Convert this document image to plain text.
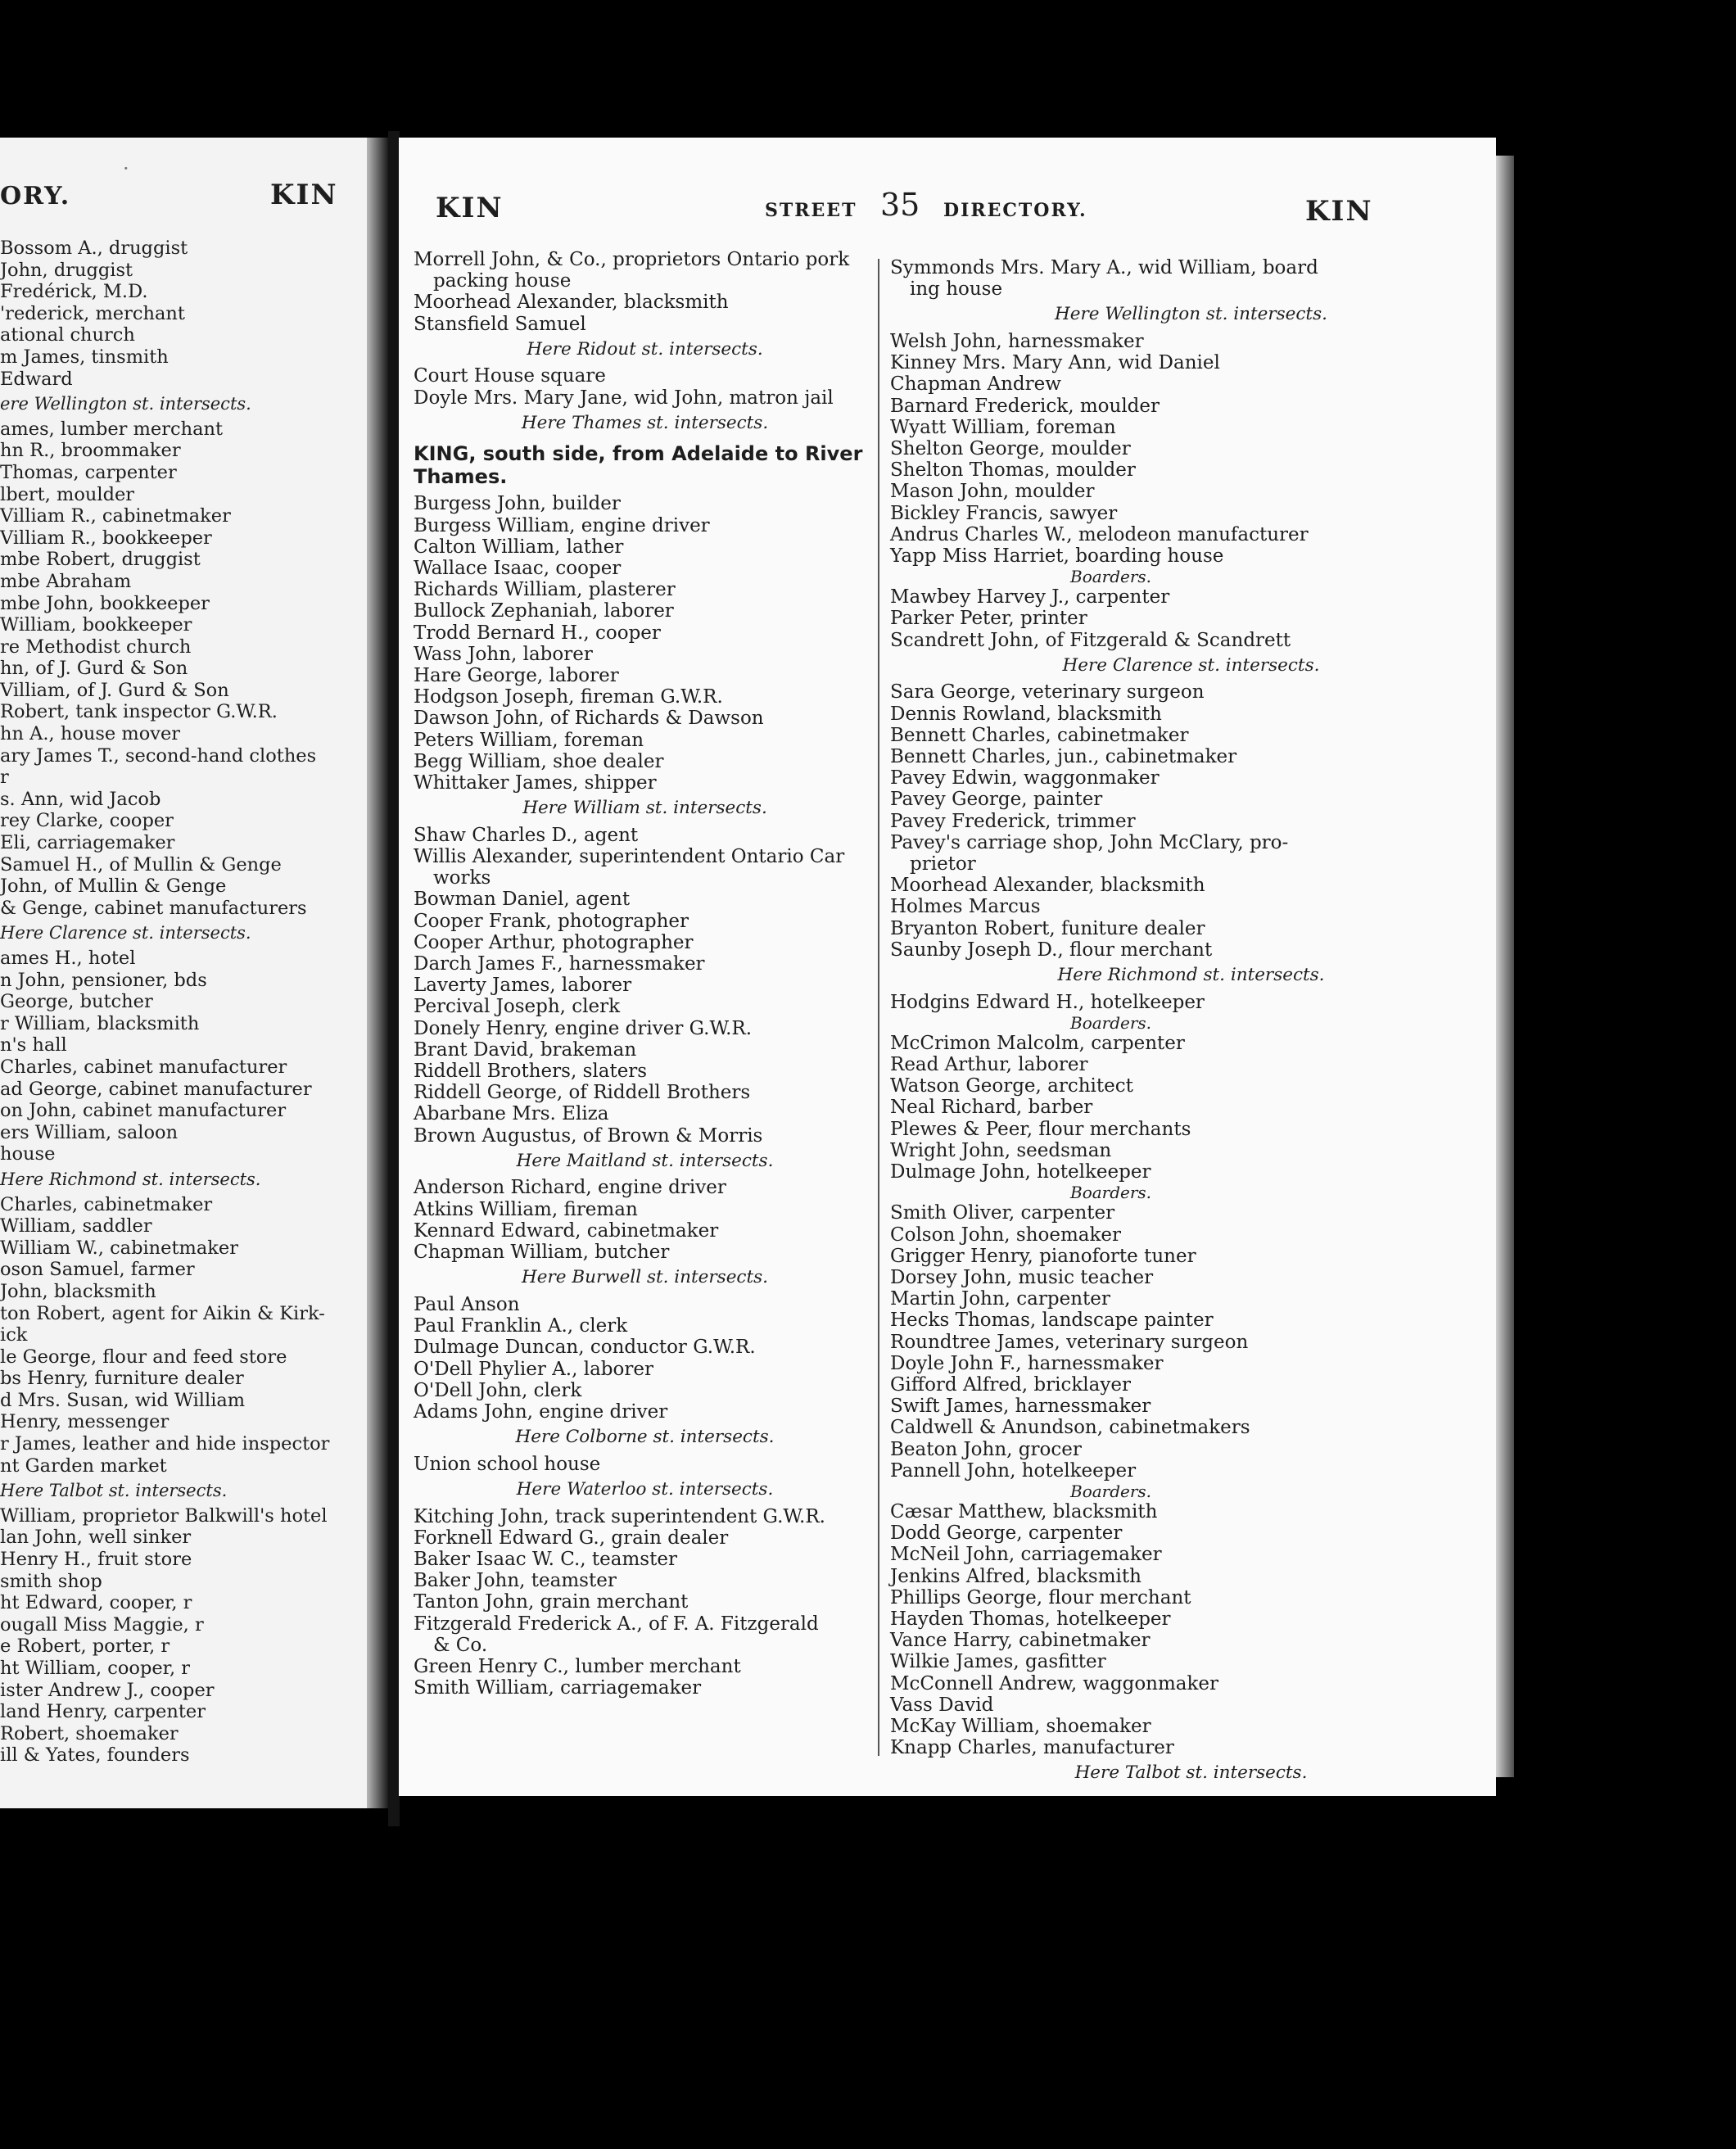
·
ORY.	KIN
Bossom A., druggist
John, druggist
Fredérick, M.D.
'rederick, merchant
ational church
m James, tinsmith
Edward
ere Wellington st. intersects.
ames, lumber merchant
hn R., broommaker
Thomas, carpenter
lbert, moulder
Villiam R., cabinetmaker
Villiam R., bookkeeper
mbe Robert, druggist
mbe Abraham
mbe John, bookkeeper
William, bookkeeper
re Methodist church
hn, of J. Gurd & Son
Villiam, of J. Gurd & Son
Robert, tank inspector G.W.R.
hn A., house mover
ary James T., second-hand clothes
r
s. Ann, wid Jacob
rey Clarke, cooper
Eli, carriagemaker
Samuel H., of Mullin & Genge
John, of Mullin & Genge
& Genge, cabinet manufacturers
Here Clarence st. intersects.
ames H., hotel
n John, pensioner, bds
George, butcher
r William, blacksmith
n's hall
Charles, cabinet manufacturer
ad George, cabinet manufacturer
on John, cabinet manufacturer
ers William, saloon
house
Here Richmond st. intersects.
Charles, cabinetmaker
William, saddler
William W., cabinetmaker
oson Samuel, farmer
John, blacksmith
ton Robert, agent for Aikin & Kirk-
ick
le George, flour and feed store
bs Henry, furniture dealer
d Mrs. Susan, wid William
Henry, messenger
r James, leather and hide inspector
nt Garden market
Here Talbot st. intersects.
William, proprietor Balkwill's hotel
lan John, well sinker
Henry H., fruit store
smith shop
ht Edward, cooper, r
ougall Miss Maggie, r
e Robert, porter, r
ht William, cooper, r
ister Andrew J., cooper
land Henry, carpenter
Robert, shoemaker
ill & Yates, founders
KIN	STREET 35 DIRECTORY.	KIN
Morrell John, & Co., proprietors Ontario pork
packing house
Moorhead Alexander, blacksmith
Stansfield Samuel
Here Ridout st. intersects.
Court House square
Doyle Mrs. Mary Jane, wid John, matron jail
Here Thames st. intersects.
KING, south side, from Adelaide to River Thames.
Burgess John, builder
Burgess William, engine driver
Calton William, lather
Wallace Isaac, cooper
Richards William, plasterer
Bullock Zephaniah, laborer
Trodd Bernard H., cooper
Wass John, laborer
Hare George, laborer
Hodgson Joseph, fireman G.W.R.
Dawson John, of Richards & Dawson
Peters William, foreman
Begg William, shoe dealer
Whittaker James, shipper
Here William st. intersects.
Shaw Charles D., agent
Willis Alexander, superintendent Ontario Car
works
Bowman Daniel, agent
Cooper Frank, photographer
Cooper Arthur, photographer
Darch James F., harnessmaker
Laverty James, laborer
Percival Joseph, clerk
Donely Henry, engine driver G.W.R.
Brant David, brakeman
Riddell Brothers, slaters
Riddell George, of Riddell Brothers
Abarbane Mrs. Eliza
Brown Augustus, of Brown & Morris
Here Maitland st. intersects.
Anderson Richard, engine driver
Atkins William, fireman
Kennard Edward, cabinetmaker
Chapman William, butcher
Here Burwell st. intersects.
Paul Anson
Paul Franklin A., clerk
Dulmage Duncan, conductor G.W.R.
O'Dell Phylier A., laborer
O'Dell John, clerk
Adams John, engine driver
Here Colborne st. intersects.
Union school house
Here Waterloo st. intersects.
Kitching John, track superintendent G.W.R.
Forknell Edward G., grain dealer
Baker Isaac W. C., teamster
Baker John, teamster
Tanton John, grain merchant
Fitzgerald Frederick A., of F. A. Fitzgerald
& Co.
Green Henry C., lumber merchant
Smith William, carriagemaker
Symmonds Mrs. Mary A., wid William, board
ing house
Here Wellington st. intersects.
Welsh John, harnessmaker
Kinney Mrs. Mary Ann, wid Daniel
Chapman Andrew
Barnard Frederick, moulder
Wyatt William, foreman
Shelton George, moulder
Shelton Thomas, moulder
Mason John, moulder
Bickley Francis, sawyer
Andrus Charles W., melodeon manufacturer
Yapp Miss Harriet, boarding house
Boarders.
Mawbey Harvey J., carpenter
Parker Peter, printer
Scandrett John, of Fitzgerald & Scandrett
Here Clarence st. intersects.
Sara George, veterinary surgeon
Dennis Rowland, blacksmith
Bennett Charles, cabinetmaker
Bennett Charles, jun., cabinetmaker
Pavey Edwin, waggonmaker
Pavey George, painter
Pavey Frederick, trimmer
Pavey's carriage shop, John McClary, pro-
prietor
Moorhead Alexander, blacksmith
Holmes Marcus
Bryanton Robert, funiture dealer
Saunby Joseph D., flour merchant
Here Richmond st. intersects.
Hodgins Edward H., hotelkeeper
Boarders.
McCrimon Malcolm, carpenter
Read Arthur, laborer
Watson George, architect
Neal Richard, barber
Plewes & Peer, flour merchants
Wright John, seedsman
Dulmage John, hotelkeeper
Boarders.
Smith Oliver, carpenter
Colson John, shoemaker
Grigger Henry, pianoforte tuner
Dorsey John, music teacher
Martin John, carpenter
Hecks Thomas, landscape painter
Roundtree James, veterinary surgeon
Doyle John F., harnessmaker
Gifford Alfred, bricklayer
Swift James, harnessmaker
Caldwell & Anundson, cabinetmakers
Beaton John, grocer
Pannell John, hotelkeeper
Boarders.
Cæsar Matthew, blacksmith
Dodd George, carpenter
McNeil John, carriagemaker
Jenkins Alfred, blacksmith
Phillips George, flour merchant
Hayden Thomas, hotelkeeper
Vance Harry, cabinetmaker
Wilkie James, gasfitter
McConnell Andrew, waggonmaker
Vass David
McKay William, shoemaker
Knapp Charles, manufacturer
Here Talbot st. intersects.
